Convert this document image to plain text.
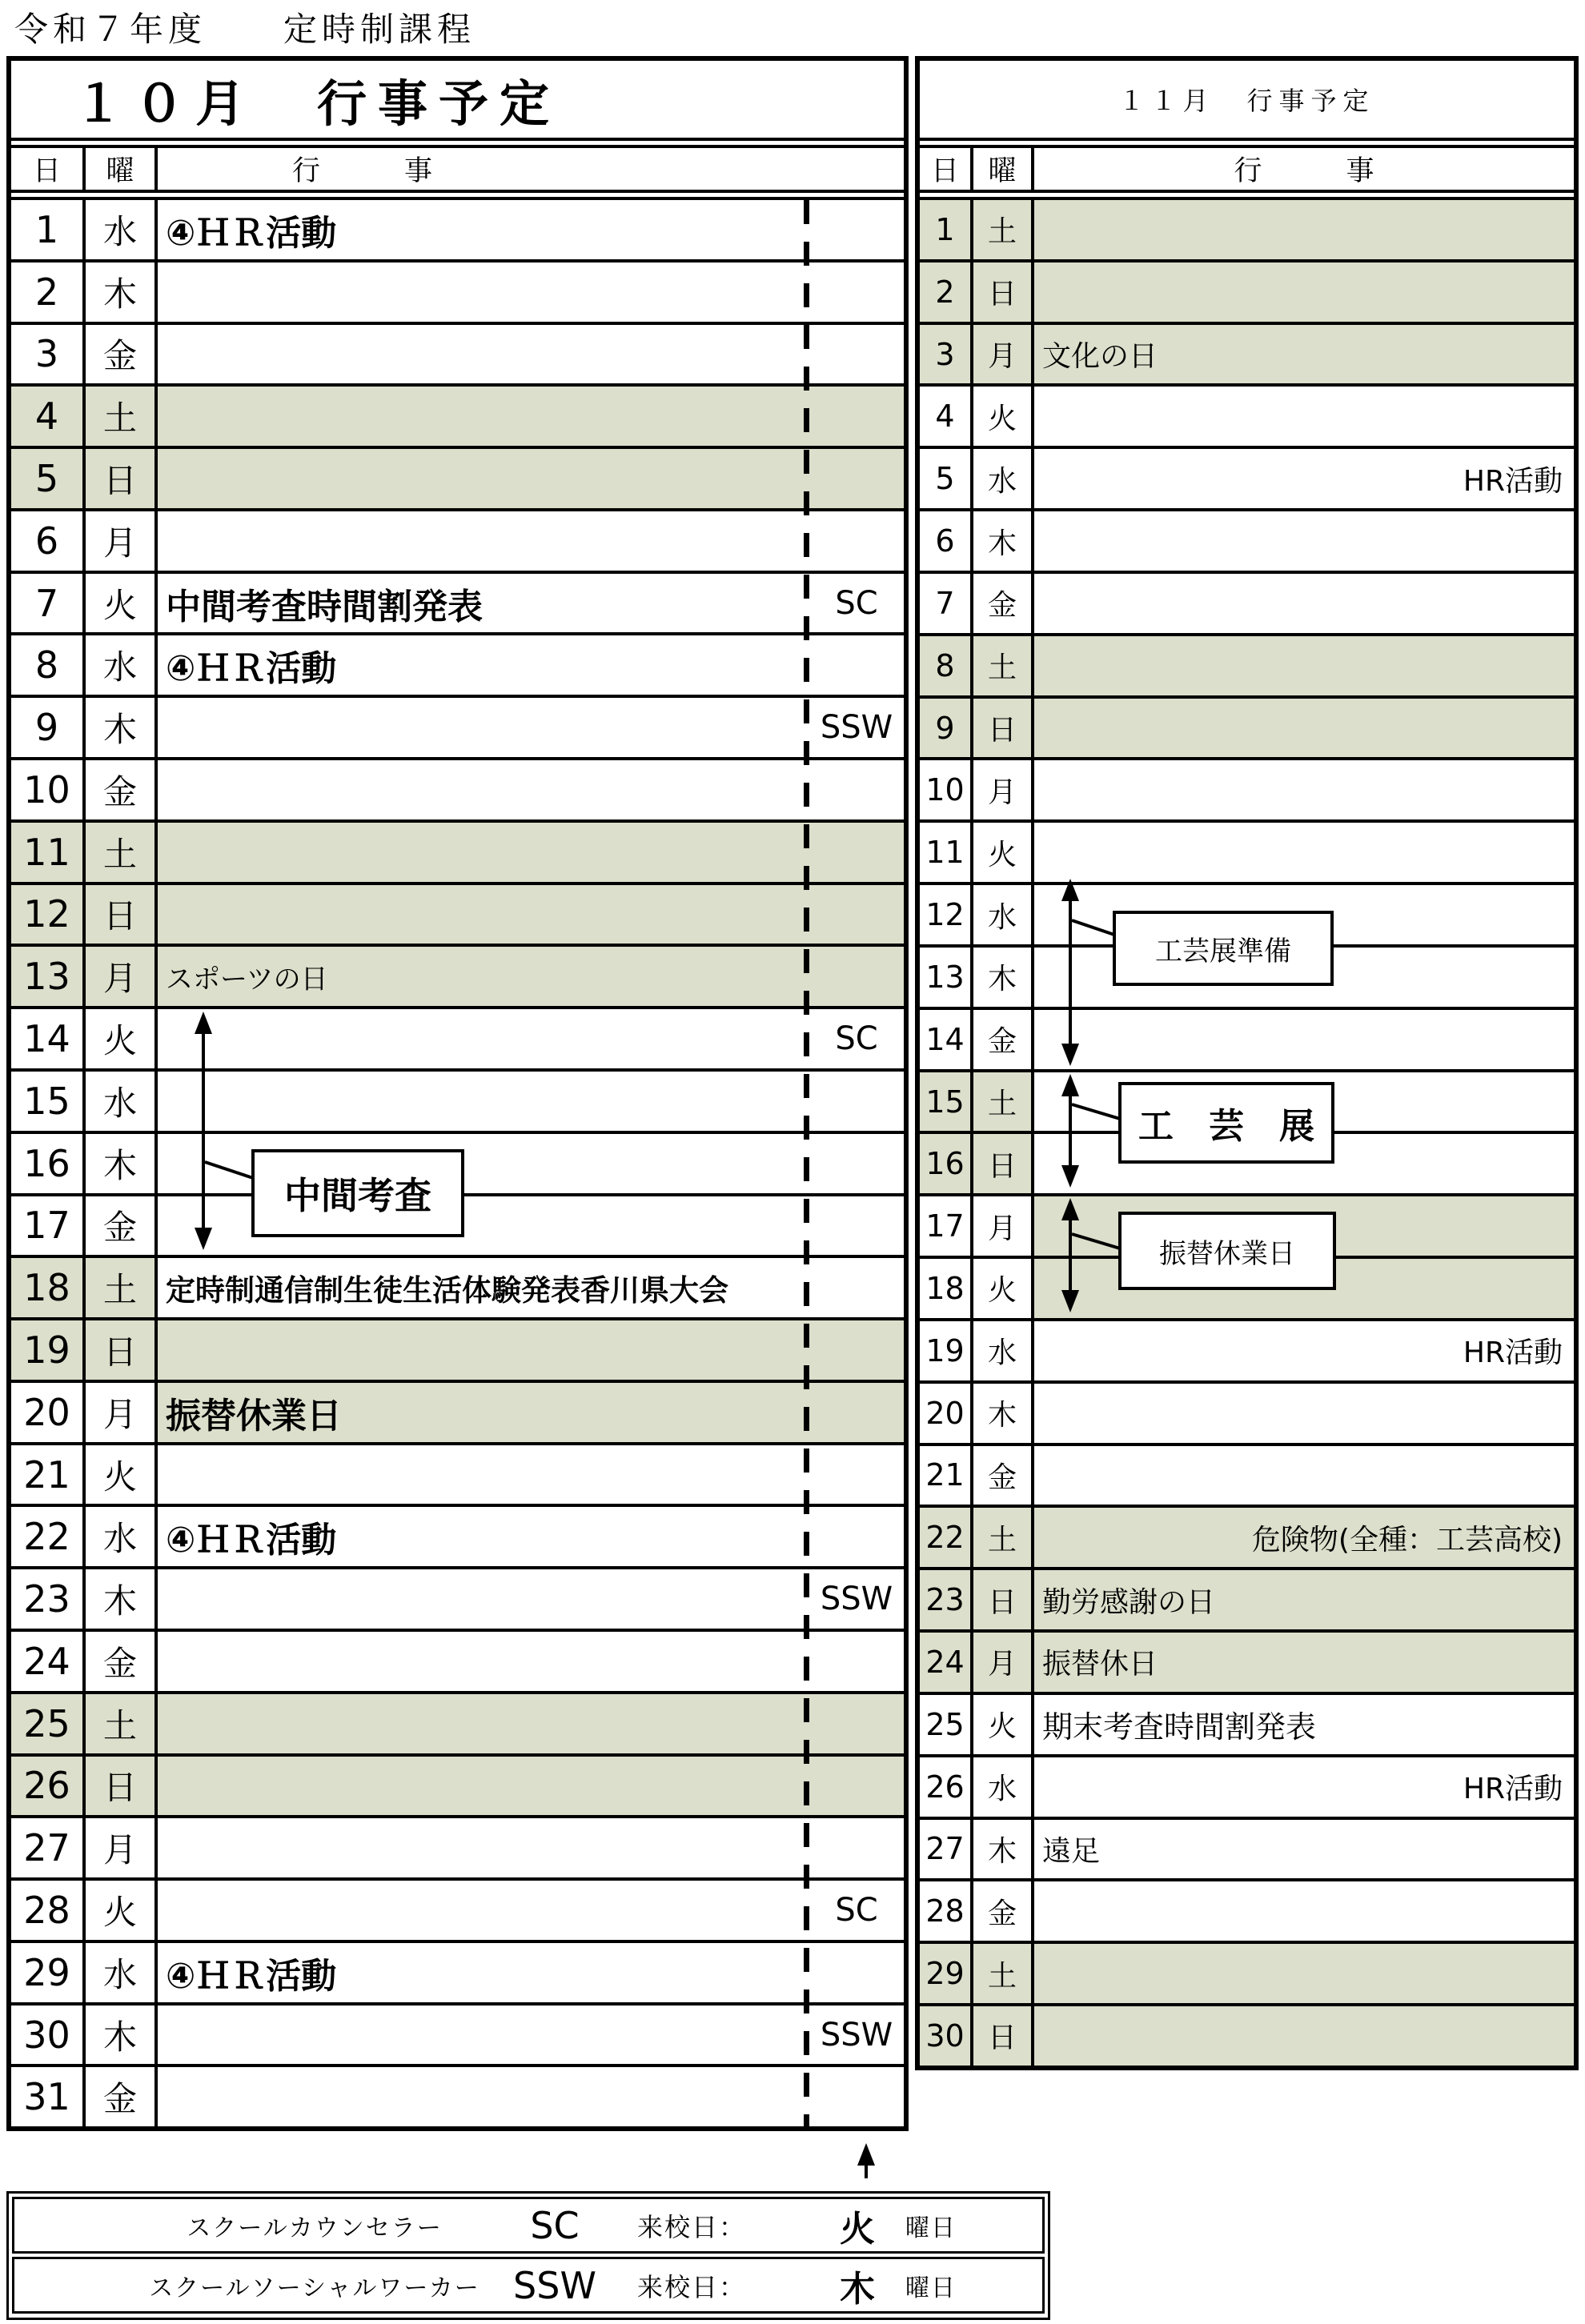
令和７年度　　定時制課程
１０月　行事予定
日	曜	行　　　事
1 水 ④ＨＲ活動
2 木
3 金
4 土
5 日
6 月
7 火 中間考査時間割発表	SC
8 水 ④ＨＲ活動
9 木	SSW
10 金
11 土
12 日
13 月 スポーツの日
14 火	SC
15 水
16 木
17 金
18 土 定時制通信制生徒生活体験発表香川県大会
19 日
20 月 振替休業日
21 火
22 水 ④ＨＲ活動
23 木	SSW
24 金
25 土
26 日
27 月
28 火	SC
29 水 ④ＨＲ活動
30 木	SSW
31 金
１１月　行事予定
日	曜	行　　　事
1 土
2 日
3 月 文化の日
4 火
5 水	HR活動
6 木
7 金
8 土
9 日
10 月
11 火
12 水
13 木
14 金
15 土
16 日
17 月
18 火
19 水	HR活動
20 木
21 金
22 土	危険物(全種：工芸高校)
23 日 勤労感謝の日
24 月 振替休日
25 火 期末考査時間割発表
26 水	HR活動
27 木 遠足
28 金
29 土
30 日
中間考査
工芸展準備
工　芸　展
振替休業日
スクールカウンセラー	SC	来校日：	火	曜日
スクールソーシャルワーカー SSW	来校日：	木	曜日
